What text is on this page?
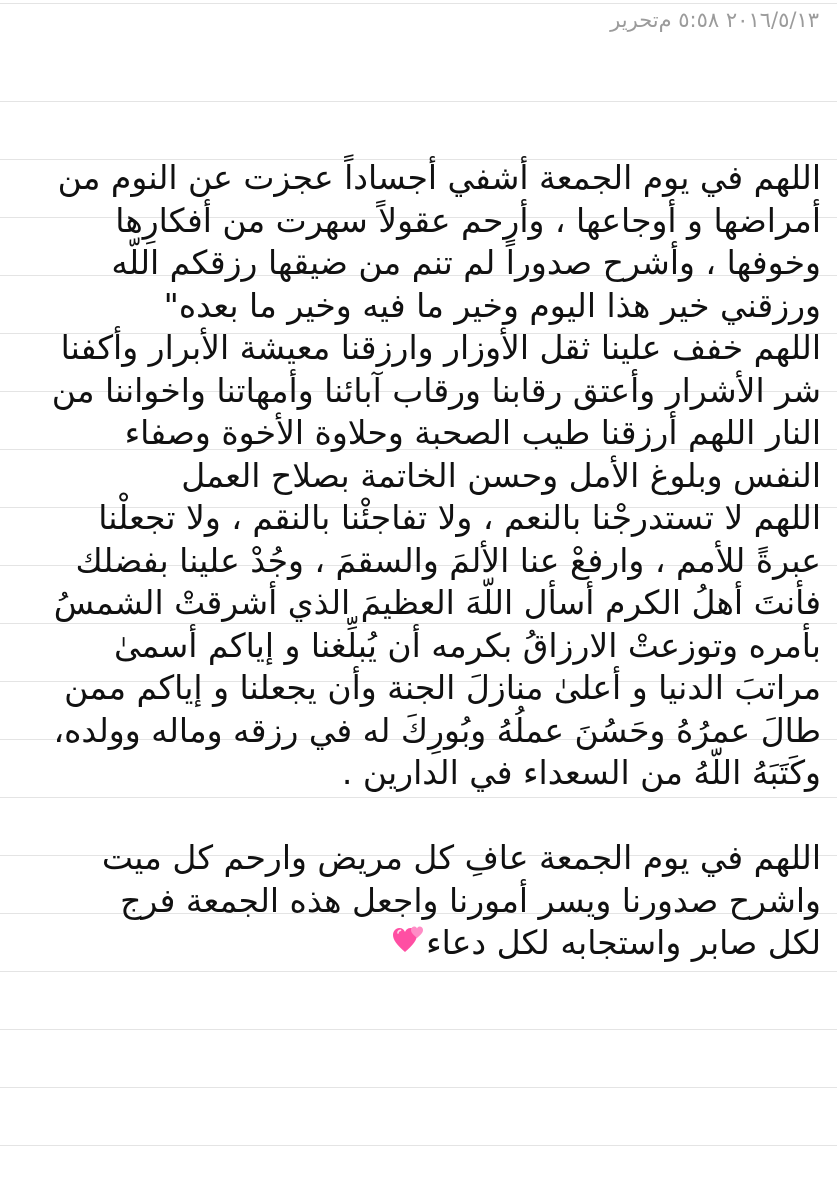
٢٠١٦/٥/١٣ ٥:٥٨ متحرير
اللهم في يوم الجمعة أشفي أجساداً عجزت عن النوم من
أمراضها و أوجاعها ، وأرحم عقولاً سهرت من أفكارِها
وخوفها ، وأشرح صدوراً لم تنم من ضيقها رزقكم اللّه
ورزقني خير هذا اليوم وخير ما فيه وخير ما بعده"
اللهم خفف علينا ثقل الأوزار وارزقنا معيشة الأبرار وأكفنا
شر الأشرار وأعتق رقابنا ورقاب آبائنا وأمهاتنا واخواننا من
النار اللهم أرزقنا طيب الصحبة وحلاوة الأخوة وصفاء
النفس وبلوغ الأمل وحسن الخاتمة بصلاح العمل
اللهم لا تستدرجْنا بالنعم ، ولا تفاجئْنا بالنقم ، ولا تجعلْنا
عبرةً للأمم ، وارفعْ عنا الألمَ والسقمَ ، وجُدْ علينا بفضلك
فأنتَ أهلُ الكرم أسأل اللّهَ العظيمَ الذي أشرقتْ الشمسُ
بأمره وتوزعتْ الارزاقُ بكرمه أن يُبلِّغنا و إياكم أسمىٰ
مراتبَ الدنيا و أعلىٰ منازلَ الجنة وأن يجعلنا و إياكم ممن
طالَ عمرُهُ وحَسُنَ عملُهُ وبُورِكَ له في رزقه وماله وولده،
وكَتَبَهُ اللّهُ من السعداء في الدارين .
اللهم في يوم الجمعة عافِ كل مريض وارحم كل ميت
واشرح صدورنا ويسر أمورنا واجعل هذه الجمعة فرج
لكل صابر واستجابه لكل دعاء
